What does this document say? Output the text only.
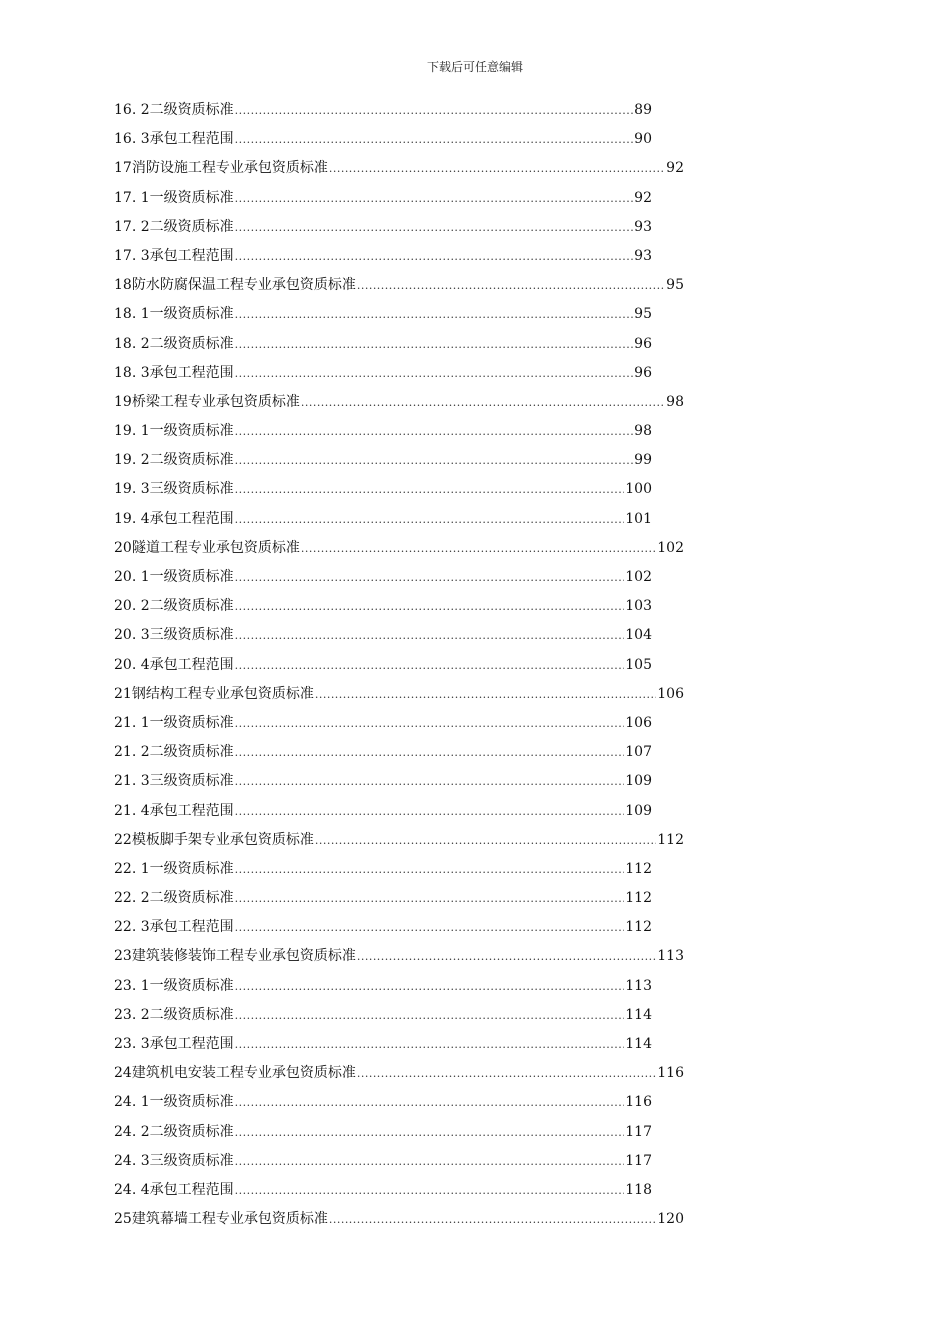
下载后可任意编辑
16. 2二级资质标准 .....	89
16. 3承包工程范围 .....	90
17消防设施工程专业承包资质标准 .....	92
17. 1一级资质标准 .....	92
17. 2二级资质标准 .....	93
17. 3承包工程范围 .....	93
18防水防腐保温工程专业承包资质标准 .....	95
18. 1一级资质标准 .....	95
18. 2二级资质标准 .....	96
18. 3承包工程范围 .....	96
19桥梁工程专业承包资质标准 .....	98
19. 1一级资质标准 .....	98
19. 2二级资质标准 .....	99
19. 3三级资质标准 .....	100
19. 4承包工程范围 .....	101
20隧道工程专业承包资质标准 .....	102
20. 1一级资质标准 .....	102
20. 2二级资质标准 .....	103
20. 3三级资质标准 .....	104
20. 4承包工程范围 .....	105
21钢结构工程专业承包资质标准 .....	106
21. 1一级资质标准 .....	106
21. 2二级资质标准 .....	107
21. 3三级资质标准 .....	109
21. 4承包工程范围 .....	109
22模板脚手架专业承包资质标准 .....	112
22. 1一级资质标准 .....	112
22. 2二级资质标准 .....	112
22. 3承包工程范围 .....	112
23建筑装修装饰工程专业承包资质标准 .....	113
23. 1一级资质标准 .....	113
23. 2二级资质标准 .....	114
23. 3承包工程范围 .....	114
24建筑机电安装工程专业承包资质标准 .....	116
24. 1一级资质标准 .....	116
24. 2二级资质标准 .....	117
24. 3三级资质标准 .....	117
24. 4承包工程范围 .....	118
25建筑幕墙工程专业承包资质标准 .....	120
